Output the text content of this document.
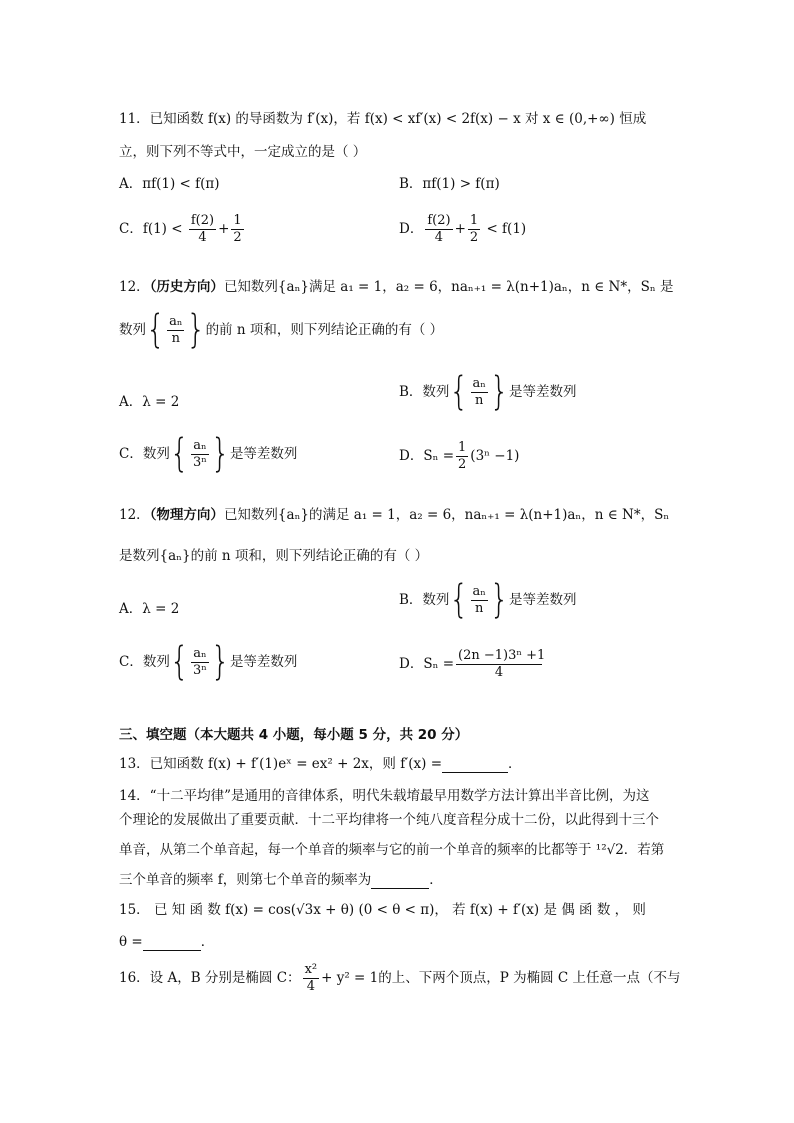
11．已知函数 f(x) 的导函数为 f′(x)，若 f(x) < xf′(x) < 2f(x) − x 对 x ∈ (0,+∞) 恒成
立，则下列不等式中，一定成立的是（ ）
A．πf(1) < f(π)	B．πf(1) > f(π)
C．$f(1) < \frac{f(2)}{4} + \frac{1}{2}$	D． $\frac{f(2)}{4} + \frac{1}{2} < f(1)$
12．（历史方向）已知数列{aₙ}满足 a₁ = 1，a₂ = 6，naₙ₊₁ = λ(n+1)aₙ，n ∈ N*，Sₙ 是
数列{ $\frac{\text{aₙ}}{n}$ }的前 n 项和，则下列结论正确的有（ ）
A．λ = 2
B．数列{ $\frac{\text{aₙ}}{n}$ }是等差数列
C．数列{ $\frac{\text{aₙ}}{\text{3ⁿ}}$ }是等差数列	D．$S_n = \frac{1}{2} (3^n -1)$
12．（物理方向）已知数列{aₙ}的满足 a₁ = 1，a₂ = 6，naₙ₊₁ = λ(n+1)aₙ，n ∈ N*，Sₙ
是数列{aₙ}的前 n 项和，则下列结论正确的有（ ）
A．λ = 2
B．数列{ $\frac{\text{aₙ}}{n}$ }是等差数列
C．数列{ $\frac{\text{aₙ}}{\text{3ⁿ}}$ }是等差数列	D．$S_n = \frac{\text{(2n −1)3ⁿ +1}}{4}$
三、填空题（本大题共 4 小题，每小题 5 分，共 20 分）
13．已知函数 f(x) + f′(1)eˣ = ex² + 2x，则 f′(x) =	．
14．“十二平均律”是通用的音律体系，明代朱载堉最早用数学方法计算出半音比例，为这
个理论的发展做出了重要贡献．十二平均律将一个纯八度音程分成十二份，以此得到十三个
单音，从第二个单音起，每一个单音的频率与它的前一个单音的频率的比都等于 ¹²√2．若第
三个单音的频率 f，则第七个单音的频率为	．
15． 已 知 函 数 f(x) = cos(√3x + θ) (0 < θ < π)， 若 f(x) + f′(x) 是 偶 函 数 ， 则
θ =	．
16．设 A，B 分别是椭圆 C： $\frac{\text{x²}}{4} + y^2 = 1$的上、下两个顶点，P 为椭圆 C 上任意一点（不与
